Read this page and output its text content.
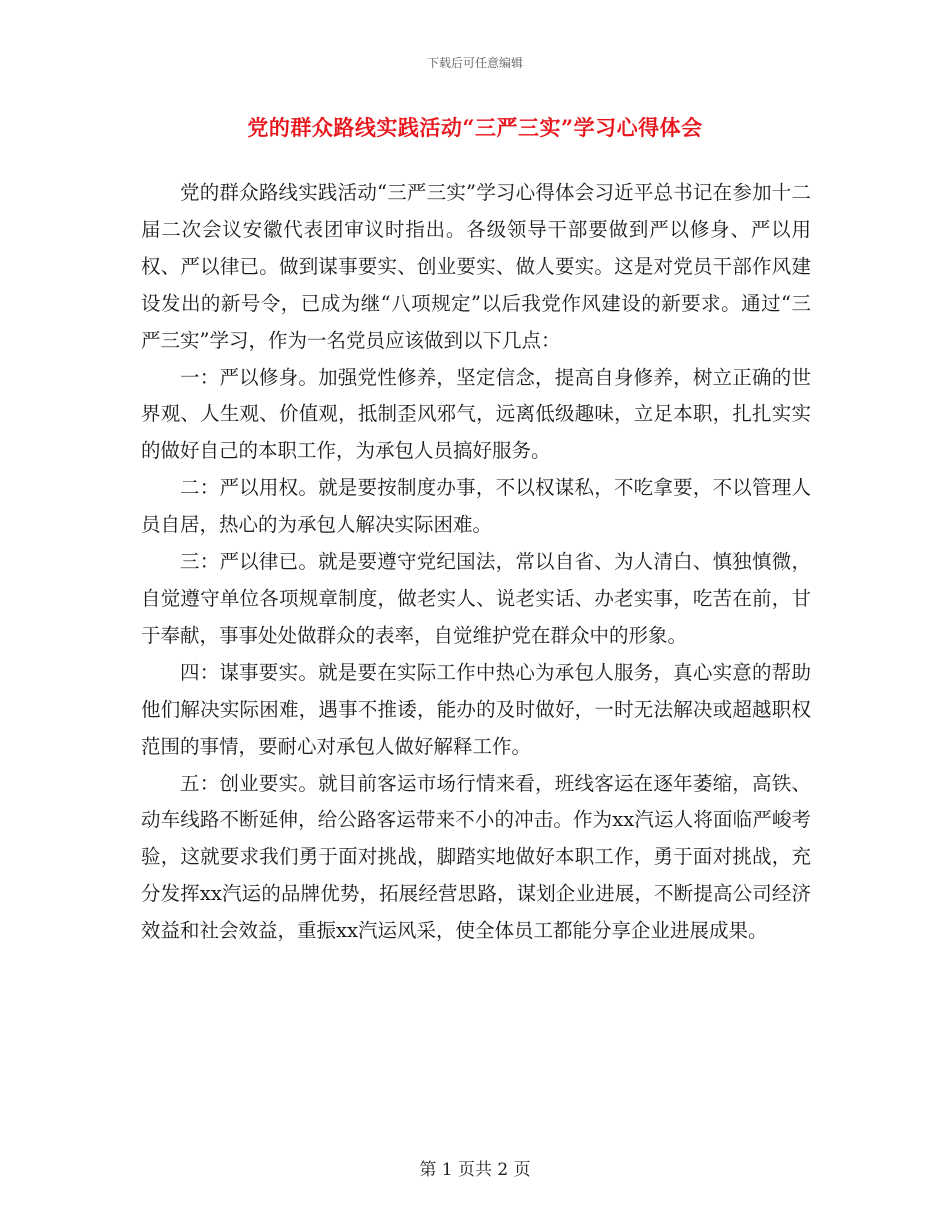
下载后可任意编辑
党的群众路线实践活动“三严三实”学习心得体会

党的群众路线实践活动“三严三实”学习心得体会习近平总书记在参加十二届二次会议安徽代表团审议时指出。各级领导干部要做到严以修身、严以用权、严以律已。做到谋事要实、创业要实、做人要实。这是对党员干部作风建设发出的新号令，已成为继“八项规定”以后我党作风建设的新要求。通过“三严三实”学习，作为一名党员应该做到以下几点：

一：严以修身。加强党性修养，坚定信念，提高自身修养，树立正确的世界观、人生观、价值观，抵制歪风邪气，远离低级趣味，立足本职，扎扎实实的做好自己的本职工作，为承包人员搞好服务。

二：严以用权。就是要按制度办事，不以权谋私，不吃拿要，不以管理人员自居，热心的为承包人解决实际困难。

三：严以律已。就是要遵守党纪国法，常以自省、为人清白、慎独慎微，自觉遵守单位各项规章制度，做老实人、说老实话、办老实事，吃苦在前，甘于奉献，事事处处做群众的表率，自觉维护党在群众中的形象。

四：谋事要实。就是要在实际工作中热心为承包人服务，真心实意的帮助他们解决实际困难，遇事不推诿，能办的及时做好，一时无法解决或超越职权范围的事情，要耐心对承包人做好解释工作。

五：创业要实。就目前客运市场行情来看，班线客运在逐年萎缩，高铁、动车线路不断延伸，给公路客运带来不小的冲击。作为xx汽运人将面临严峻考验，这就要求我们勇于面对挑战，脚踏实地做好本职工作，勇于面对挑战，充分发挥xx汽运的品牌优势，拓展经营思路，谋划企业进展，不断提高公司经济效益和社会效益，重振xx汽运风采，使全体员工都能分享企业进展成果。

第 1 页共 2 页
